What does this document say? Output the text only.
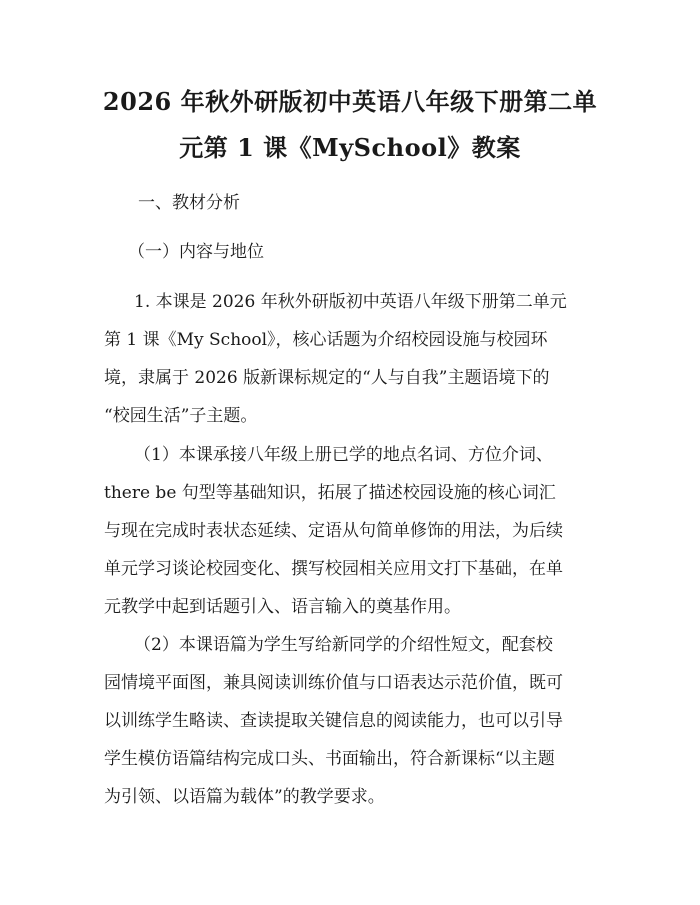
2026 年秋外研版初中英语八年级下册第二单
元第 1 课《MySchool》教案
一、教材分析
（一）内容与地位
1. 本课是 2026 年秋外研版初中英语八年级下册第二单元
第 1 课《My School》，核心话题为介绍校园设施与校园环
境，隶属于 2026 版新课标规定的“人与自我”主题语境下的
“校园生活”子主题。
（1）本课承接八年级上册已学的地点名词、方位介词、
there be 句型等基础知识，拓展了描述校园设施的核心词汇
与现在完成时表状态延续、定语从句简单修饰的用法，为后续
单元学习谈论校园变化、撰写校园相关应用文打下基础，在单
元教学中起到话题引入、语言输入的奠基作用。
（2）本课语篇为学生写给新同学的介绍性短文，配套校
园情境平面图，兼具阅读训练价值与口语表达示范价值，既可
以训练学生略读、查读提取关键信息的阅读能力，也可以引导
学生模仿语篇结构完成口头、书面输出，符合新课标“以主题
为引领、以语篇为载体”的教学要求。
